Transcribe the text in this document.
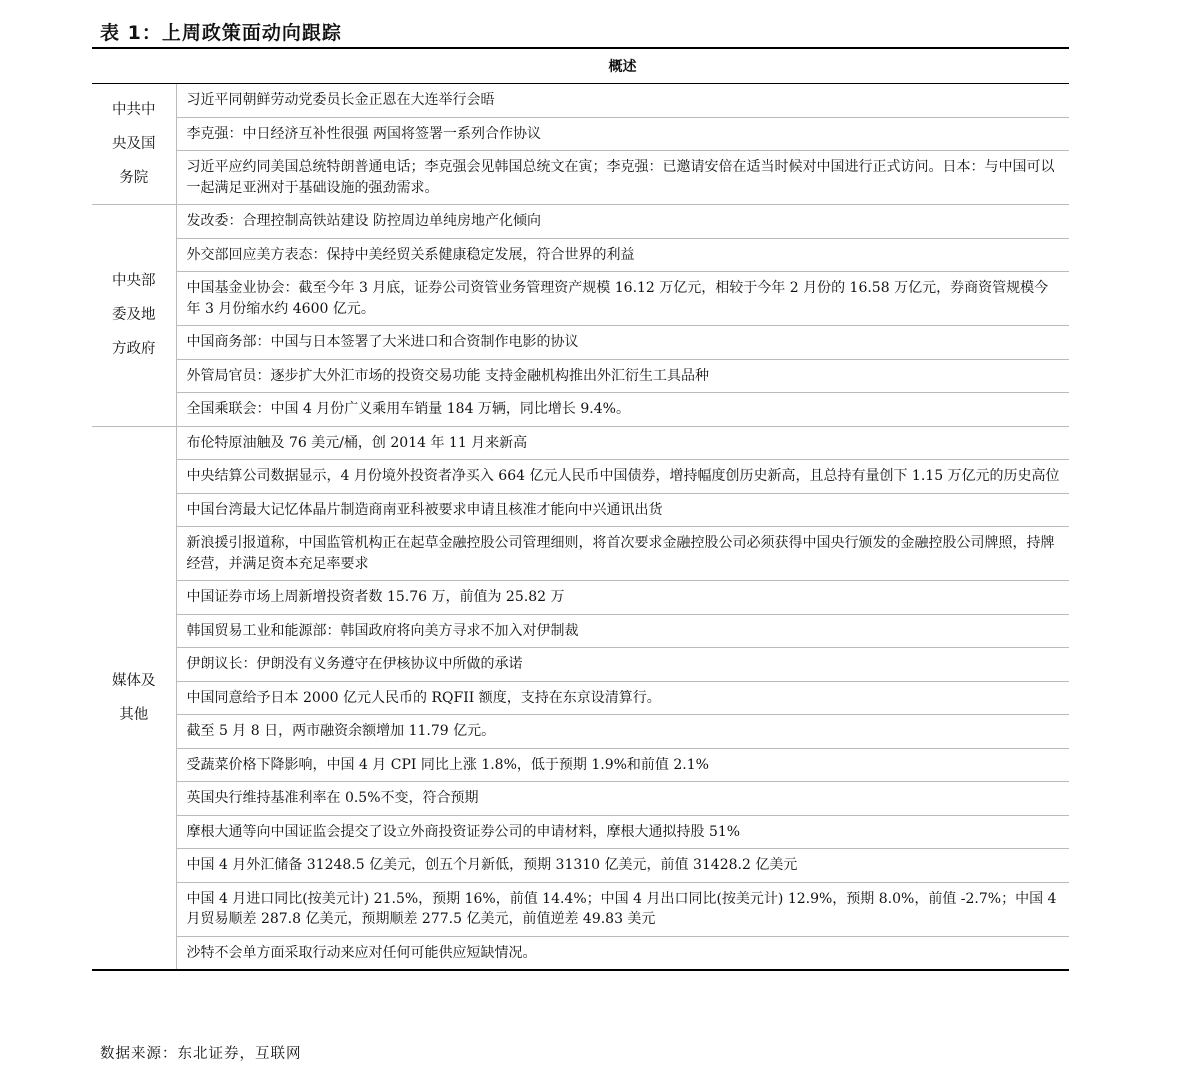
表 1：上周政策面动向跟踪
	概述

中共中央及国务院	习近平同朝鲜劳动党委员长金正恩在大连举行会晤
	李克强：中日经济互补性很强 两国将签署一系列合作协议
	习近平应约同美国总统特朗普通电话；李克强会见韩国总统文在寅；李克强：已邀请安倍在适当时候对中国进行正式访问。日本：与中国可以一起满足亚洲对于基础设施的强劲需求。

中央部委及地方政府	发改委：合理控制高铁站建设 防控周边单纯房地产化倾向
	外交部回应美方表态：保持中美经贸关系健康稳定发展，符合世界的利益
	中国基金业协会：截至今年 3 月底，证券公司资管业务管理资产规模 16.12 万亿元，相较于今年 2 月份的 16.58 万亿元，券商资管规模今年 3 月份缩水约 4600 亿元。
	中国商务部：中国与日本签署了大米进口和合资制作电影的协议
	外管局官员：逐步扩大外汇市场的投资交易功能 支持金融机构推出外汇衍生工具品种
	全国乘联会：中国 4 月份广义乘用车销量 184 万辆，同比增长 9.4%。

媒体及其他	布伦特原油触及 76 美元/桶，创 2014 年 11 月来新高
	中央结算公司数据显示，4 月份境外投资者净买入 664 亿元人民币中国债券，增持幅度创历史新高，且总持有量创下 1.15 万亿元的历史高位
	中国台湾最大记忆体晶片制造商南亚科被要求申请且核准才能向中兴通讯出货
	新浪援引报道称，中国监管机构正在起草金融控股公司管理细则，将首次要求金融控股公司必须获得中国央行颁发的金融控股公司牌照，持牌经营，并满足资本充足率要求
	中国证券市场上周新增投资者数 15.76 万，前值为 25.82 万
	韩国贸易工业和能源部：韩国政府将向美方寻求不加入对伊制裁
	伊朗议长：伊朗没有义务遵守在伊核协议中所做的承诺
	中国同意给予日本 2000 亿元人民币的 RQFII 额度，支持在东京设清算行。
	截至 5 月 8 日，两市融资余额增加 11.79 亿元。
	受蔬菜价格下降影响，中国 4 月 CPI 同比上涨 1.8%，低于预期 1.9%和前值 2.1%
	英国央行维持基准利率在 0.5%不变，符合预期
	摩根大通等向中国证监会提交了设立外商投资证券公司的申请材料，摩根大通拟持股 51%
	中国 4 月外汇储备 31248.5 亿美元，创五个月新低，预期 31310 亿美元，前值 31428.2 亿美元
	中国 4 月进口同比(按美元计) 21.5%，预期 16%，前值 14.4%；中国 4 月出口同比(按美元计) 12.9%，预期 8.0%，前值 -2.7%；中国 4 月贸易顺差 287.8 亿美元，预期顺差 277.5 亿美元，前值逆差 49.83 美元
	沙特不会单方面采取行动来应对任何可能供应短缺情况。
数据来源：东北证券，互联网
